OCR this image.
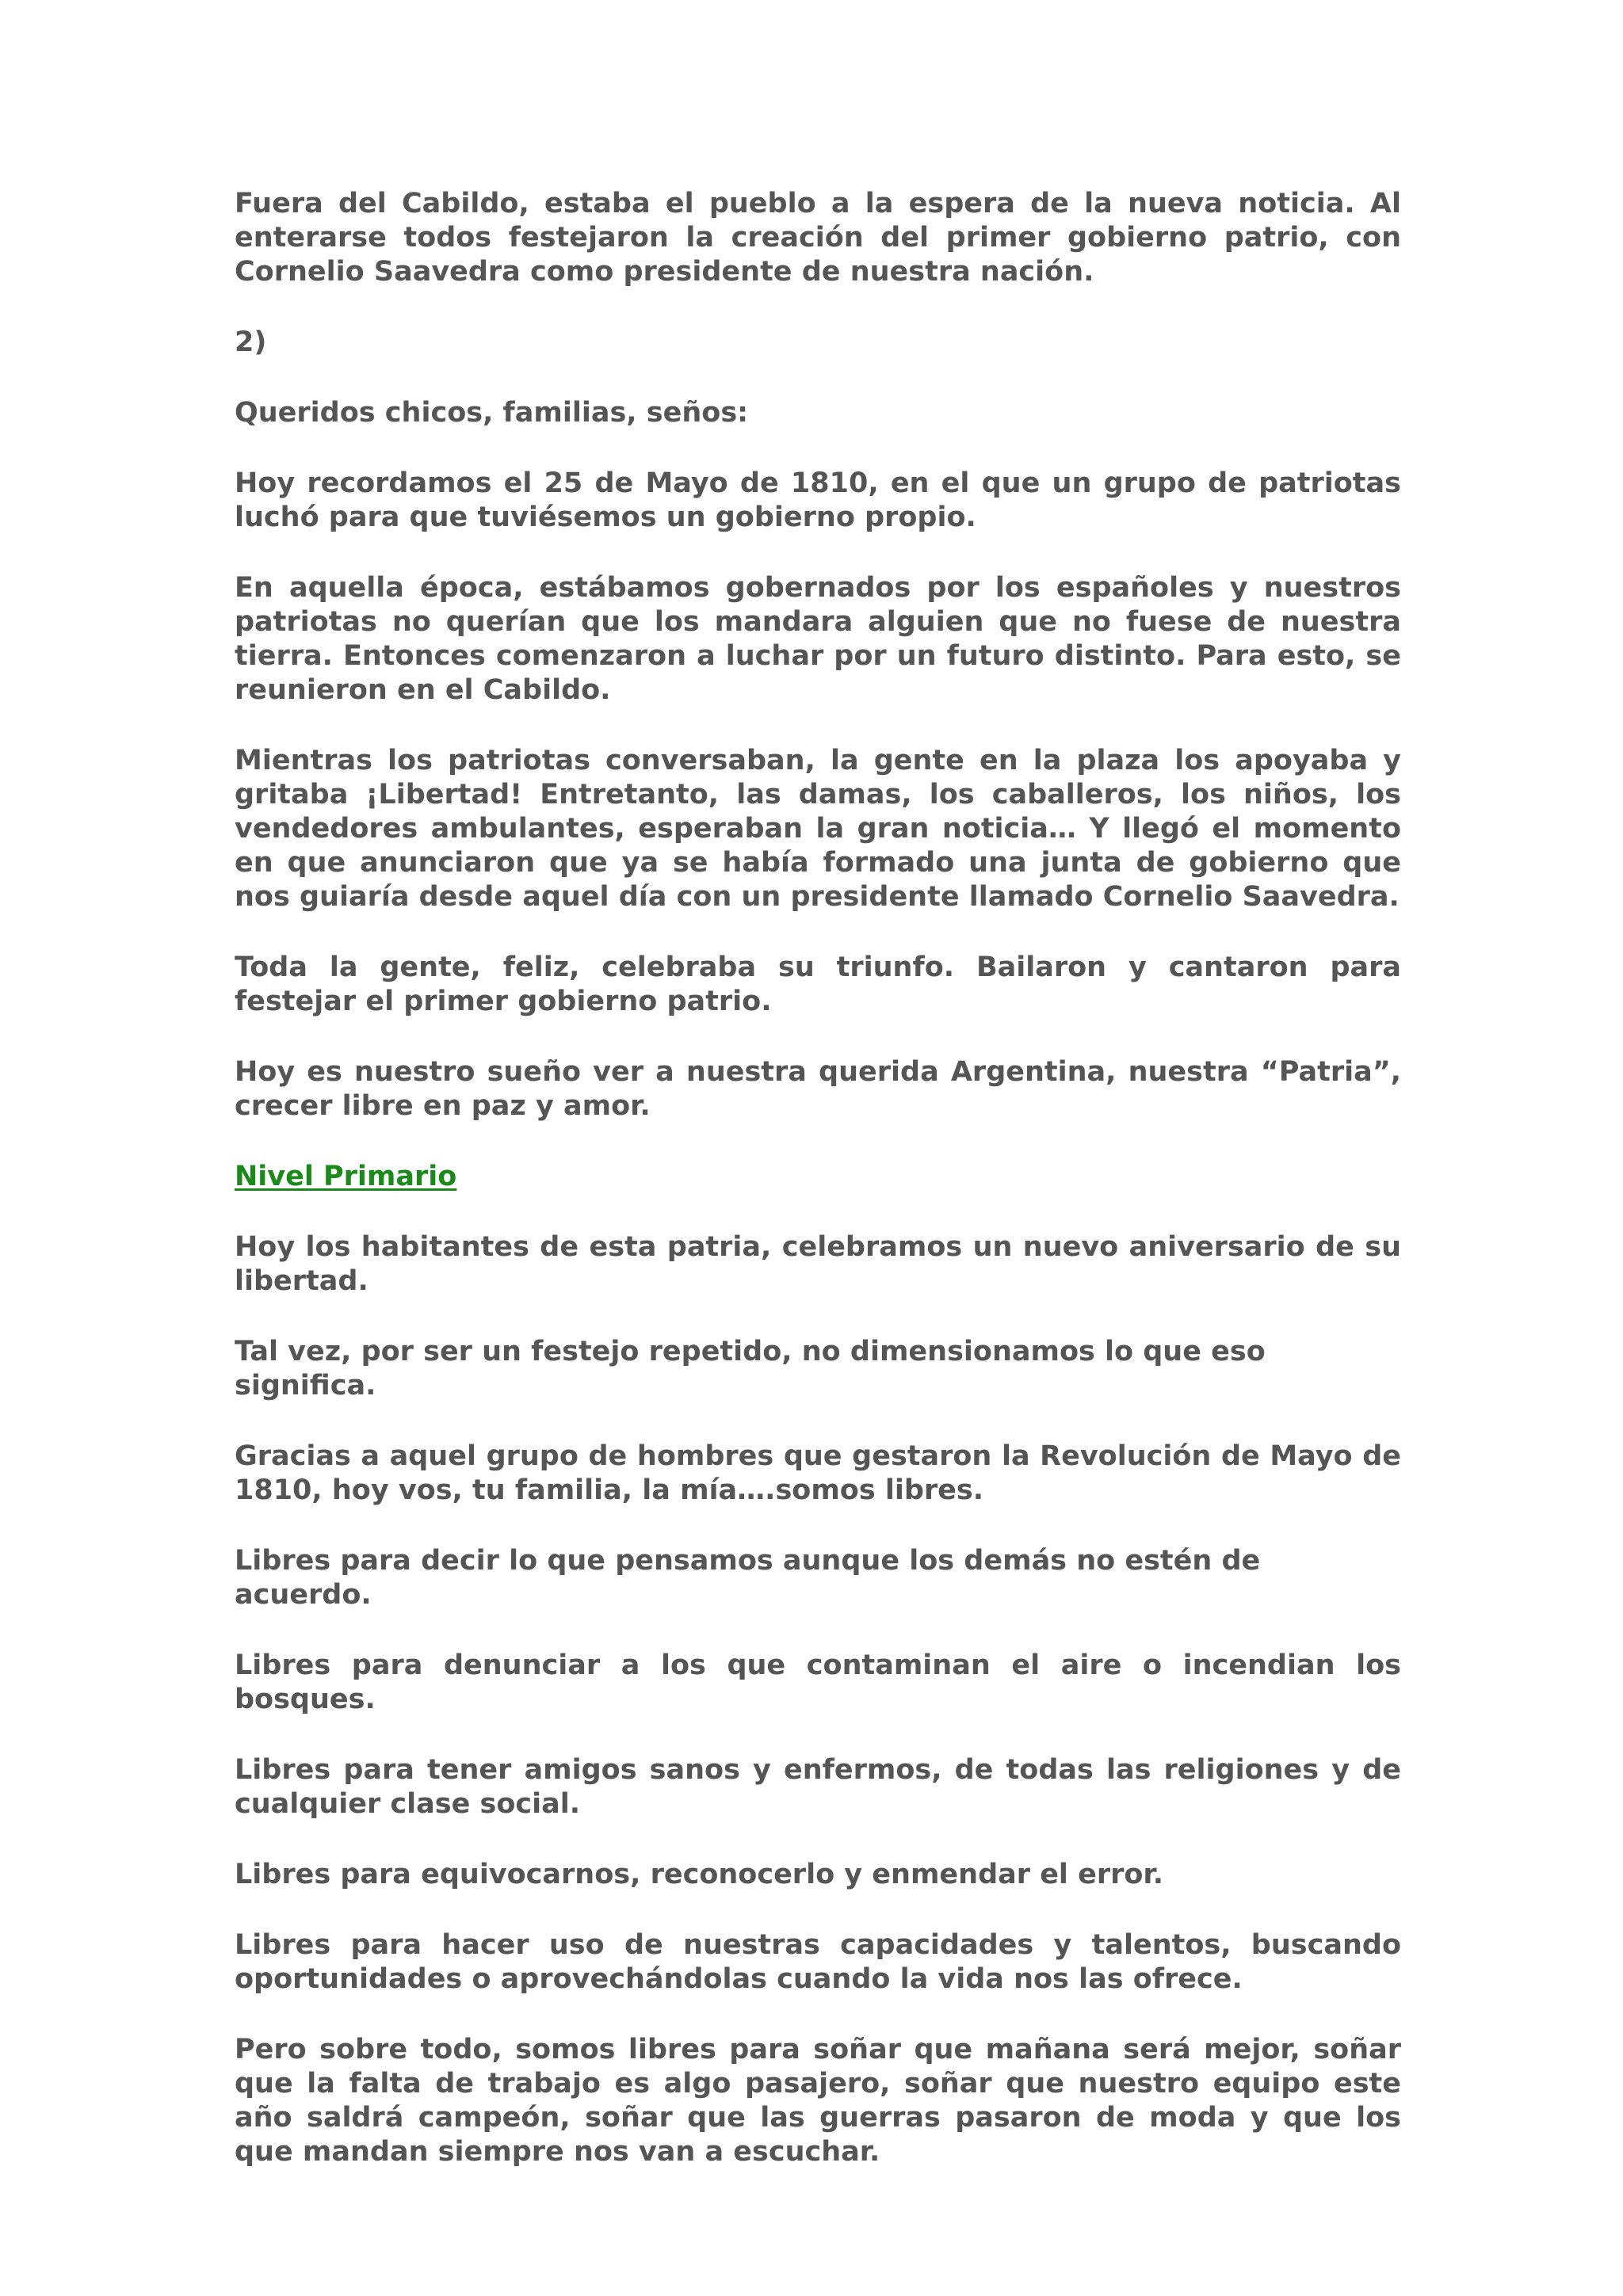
Fuera del Cabildo, estaba el pueblo a la espera de la nueva noticia. Al enterarse todos festejaron la creación del primer gobierno patrio, con Cornelio Saavedra como presidente de nuestra nación.

2)

Queridos chicos, familias, seños:

Hoy recordamos el 25 de Mayo de 1810, en el que un grupo de patriotas luchó para que tuviésemos un gobierno propio.

En aquella época, estábamos gobernados por los españoles y nuestros patriotas no querían que los mandara alguien que no fuese de nuestra tierra. Entonces comenzaron a luchar por un futuro distinto. Para esto, se reunieron en el Cabildo.

Mientras los patriotas conversaban, la gente en la plaza los apoyaba y gritaba ¡Libertad! Entretanto, las damas, los caballeros, los niños, los vendedores ambulantes, esperaban la gran noticia… Y llegó el momento en que anunciaron que ya se había formado una junta de gobierno que nos guiaría desde aquel día con un presidente llamado Cornelio Saavedra.

Toda la gente, feliz, celebraba su triunfo. Bailaron y cantaron para festejar el primer gobierno patrio.

Hoy es nuestro sueño ver a nuestra querida Argentina, nuestra “Patria”, crecer libre en paz y amor.

Nivel Primario

Hoy los habitantes de esta patria, celebramos un nuevo aniversario de su libertad.

Tal vez, por ser un festejo repetido, no dimensionamos lo que eso significa.

Gracias a aquel grupo de hombres que gestaron la Revolución de Mayo de 1810, hoy vos, tu familia, la mía….somos libres.

Libres para decir lo que pensamos aunque los demás no estén de acuerdo.

Libres para denunciar a los que contaminan el aire o incendian los bosques.

Libres para tener amigos sanos y enfermos, de todas las religiones y de cualquier clase social.

Libres para equivocarnos, reconocerlo y enmendar el error.

Libres para hacer uso de nuestras capacidades y talentos, buscando oportunidades o aprovechándolas cuando la vida nos las ofrece.

Pero sobre todo, somos libres para soñar que mañana será mejor, soñar que la falta de trabajo es algo pasajero, soñar que nuestro equipo este año saldrá campeón, soñar que las guerras pasaron de moda y que los que mandan siempre nos van a escuchar.
